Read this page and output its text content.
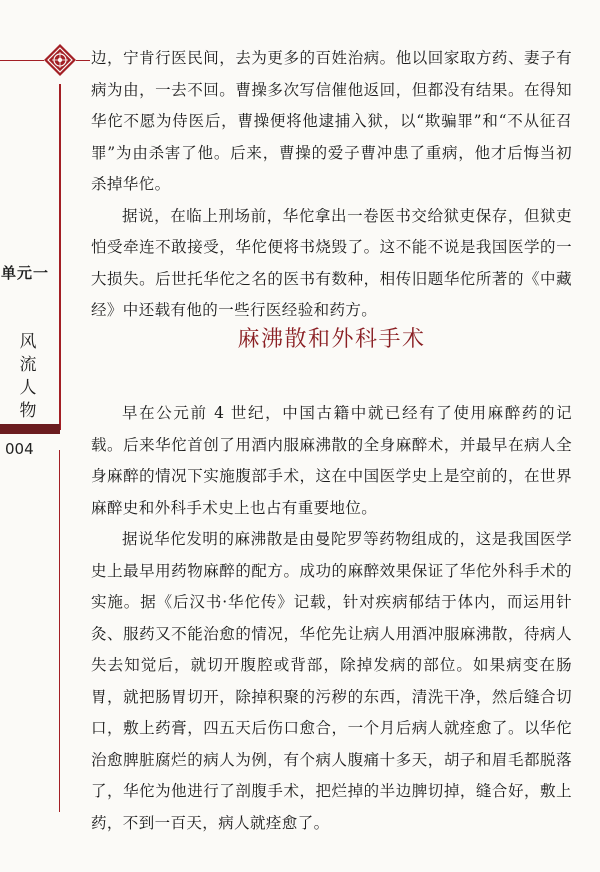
单元一
风流人物
004

边，宁肯行医民间，去为更多的百姓治病。他以回家取方药、妻子有病为由，一去不回。曹操多次写信催他返回，但都没有结果。在得知华佗不愿为侍医后，曹操便将他逮捕入狱，以“欺骗罪”和“不从征召罪”为由杀害了他。后来，曹操的爱子曹冲患了重病，他才后悔当初杀掉华佗。

据说，在临上刑场前，华佗拿出一卷医书交给狱吏保存，但狱吏怕受牵连不敢接受，华佗便将书烧毁了。这不能不说是我国医学的一大损失。后世托华佗之名的医书有数种，相传旧题华佗所著的《中藏经》中还载有他的一些行医经验和药方。

麻沸散和外科手术

早在公元前 4 世纪，中国古籍中就已经有了使用麻醉药的记载。后来华佗首创了用酒内服麻沸散的全身麻醉术，并最早在病人全身麻醉的情况下实施腹部手术，这在中国医学史上是空前的，在世界麻醉史和外科手术史上也占有重要地位。

据说华佗发明的麻沸散是由曼陀罗等药物组成的，这是我国医学史上最早用药物麻醉的配方。成功的麻醉效果保证了华佗外科手术的实施。据《后汉书·华佗传》记载，针对疾病郁结于体内，而运用针灸、服药又不能治愈的情况，华佗先让病人用酒冲服麻沸散，待病人失去知觉后，就切开腹腔或背部，除掉发病的部位。如果病变在肠胃，就把肠胃切开，除掉积聚的污秽的东西，清洗干净，然后缝合切口，敷上药膏，四五天后伤口愈合，一个月后病人就痊愈了。以华佗治愈脾脏腐烂的病人为例，有个病人腹痛十多天，胡子和眉毛都脱落了，华佗为他进行了剖腹手术，把烂掉的半边脾切掉，缝合好，敷上药，不到一百天，病人就痊愈了。
